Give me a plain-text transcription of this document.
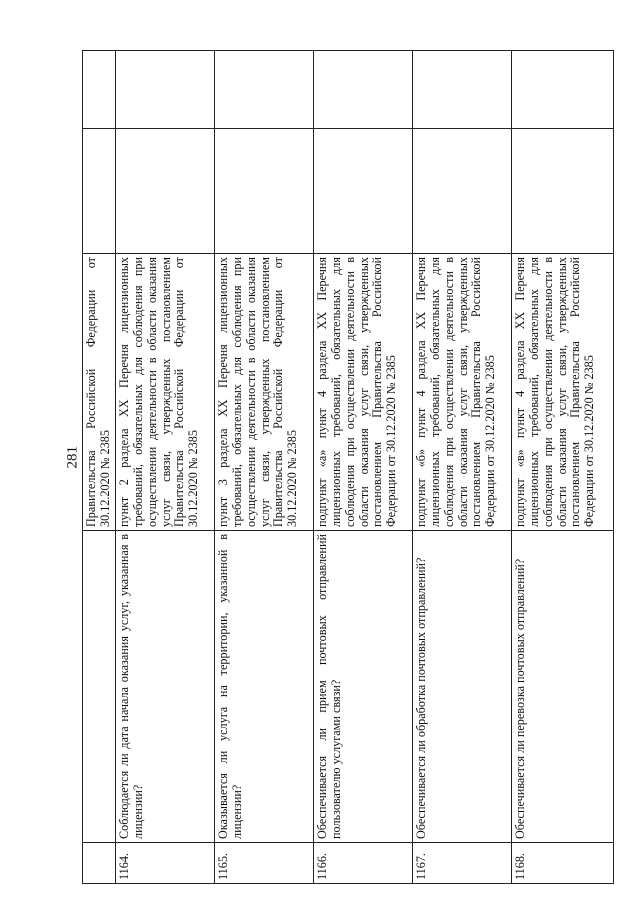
281
		Правительства Российской Федерации от 30.12.2020 № 2385		
1164.	Соблюдается ли дата начала оказания услуг, указанная в лицензии?	пункт 2 раздела XX Перечня лицензионных требований, обязательных для соблюдения при осуществлении деятельности в области оказания услуг связи, утвержденных постановлением Правительства Российской Федерации от 30.12.2020 № 2385		
1165.	Оказывается ли услуга на территории, указанной в лицензии?	пункт 3 раздела XX Перечня лицензионных требований, обязательных для соблюдения при осуществлении деятельности в области оказания услуг связи, утвержденных постановлением Правительства Российской Федерации от 30.12.2020 № 2385		
1166.	Обеспечивается ли прием почтовых отправлений пользователю услугами связи?	подпункт «а» пункт 4 раздела XX Перечня лицензионных требований, обязательных для соблюдения при осуществлении деятельности в области оказания услуг связи, утвержденных постановлением Правительства Российской Федерации от 30.12.2020 № 2385		
1167.	Обеспечивается ли обработка почтовых отправлений?	подпункт «б» пункт 4 раздела XX Перечня лицензионных требований, обязательных для соблюдения при осуществлении деятельности в области оказания услуг связи, утвержденных постановлением Правительства Российской Федерации от 30.12.2020 № 2385		
1168.	Обеспечивается ли перевозка почтовых отправлений?	подпункт «в» пункт 4 раздела XX Перечня лицензионных требований, обязательных для соблюдения при осуществлении деятельности в области оказания услуг связи, утвержденных постановлением Правительства Российской Федерации от 30.12.2020 № 2385		
